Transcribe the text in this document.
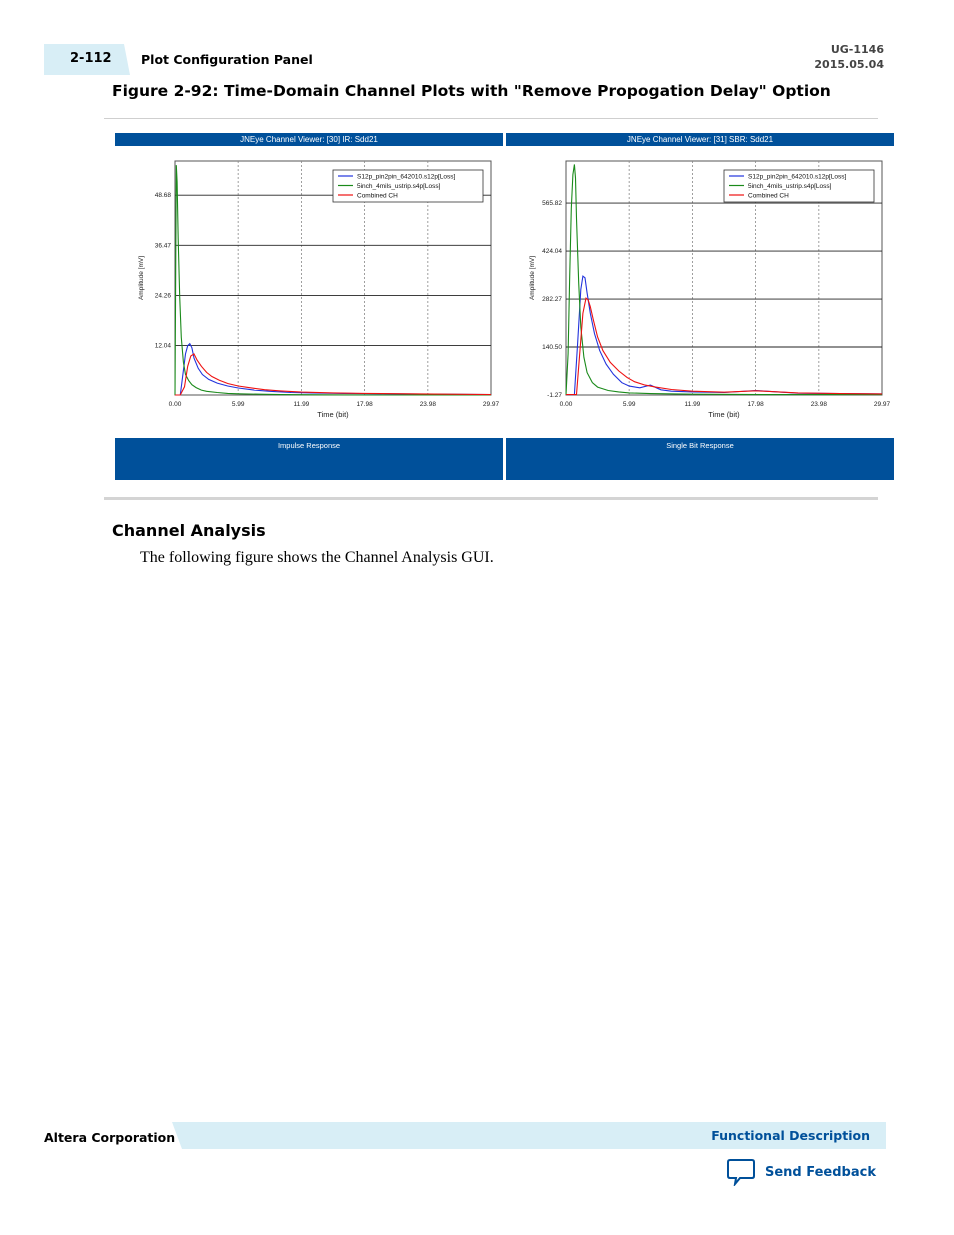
2-112 Plot Configuration Panel
UG-1146
2015.05.04
Figure 2-92: Time-Domain Channel Plots with "Remove Propogation Delay" Option
JNEye Channel Viewer: [30] IR: Sdd21
0.00	5.99	11.99	17.98	23.98	29.97
12.04
24.26
36.47
48.68
Time (bit)
Amplitude [mV]
S12p_pin2pin_642010.s12p[Loss]
5inch_4mils_ustrip.s4p[Loss]
Combined CH
Impulse Response
JNEye Channel Viewer: [31] SBR: Sdd21
0.00	5.99	11.99	17.98	23.98	29.97
-1.27
140.50
282.27
424.04
565.82
Time (bit)
Amplitude [mV]
S12p_pin2pin_642010.s12p[Loss]
5inch_4mils_ustrip.s4p[Loss]
Combined CH
Single Bit Response
Channel Analysis
The following figure shows the Channel Analysis GUI.
Altera Corporation	Functional Description
Send Feedback
